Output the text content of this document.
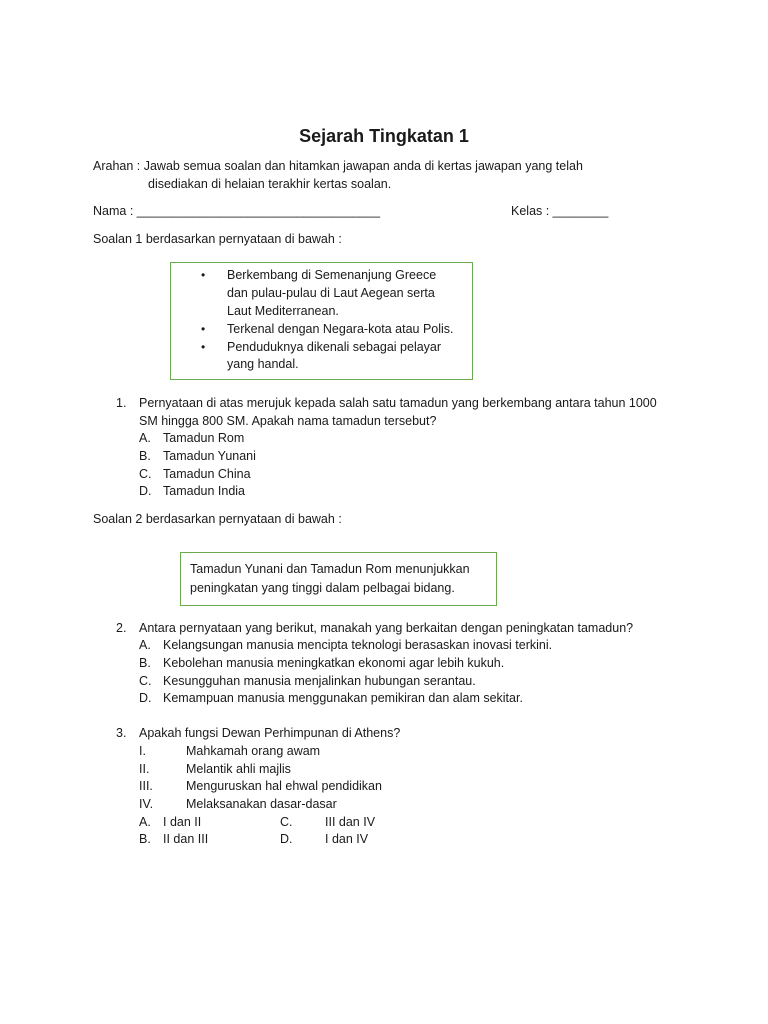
Sejarah Tingkatan 1
Arahan : Jawab semua soalan dan hitamkan jawapan anda di kertas jawapan yang telah
disediakan di helaian terakhir kertas soalan.
Nama : ___________________________________	Kelas : ________
Soalan 1 berdasarkan pernyataan di bawah :
• Berkembang di Semenanjung Greece
dan pulau-pulau di Laut Aegean serta
Laut Mediterranean.
• Terkenal dengan Negara-kota atau Polis.
• Penduduknya dikenali sebagai pelayar
yang handal.
1. Pernyataan di atas merujuk kepada salah satu tamadun yang berkembang antara tahun 1000
SM hingga 800 SM. Apakah nama tamadun tersebut?
A. Tamadun Rom
B. Tamadun Yunani
C. Tamadun China
D. Tamadun India
Soalan 2 berdasarkan pernyataan di bawah :
Tamadun Yunani dan Tamadun Rom menunjukkan
peningkatan yang tinggi dalam pelbagai bidang.
2. Antara pernyataan yang berikut, manakah yang berkaitan dengan peningkatan tamadun?
A. Kelangsungan manusia mencipta teknologi berasaskan inovasi terkini.
B. Kebolehan manusia meningkatkan ekonomi agar lebih kukuh.
C. Kesungguhan manusia menjalinkan hubungan serantau.
D. Kemampuan manusia menggunakan pemikiran dan alam sekitar.
3. Apakah fungsi Dewan Perhimpunan di Athens?
I.	Mahkamah orang awam
II.	Melantik ahli majlis
III.	Menguruskan hal ehwal pendidikan
IV.	Melaksanakan dasar-dasar
A. I dan II	C.	III dan IV
B. II dan III	D.	I dan IV
